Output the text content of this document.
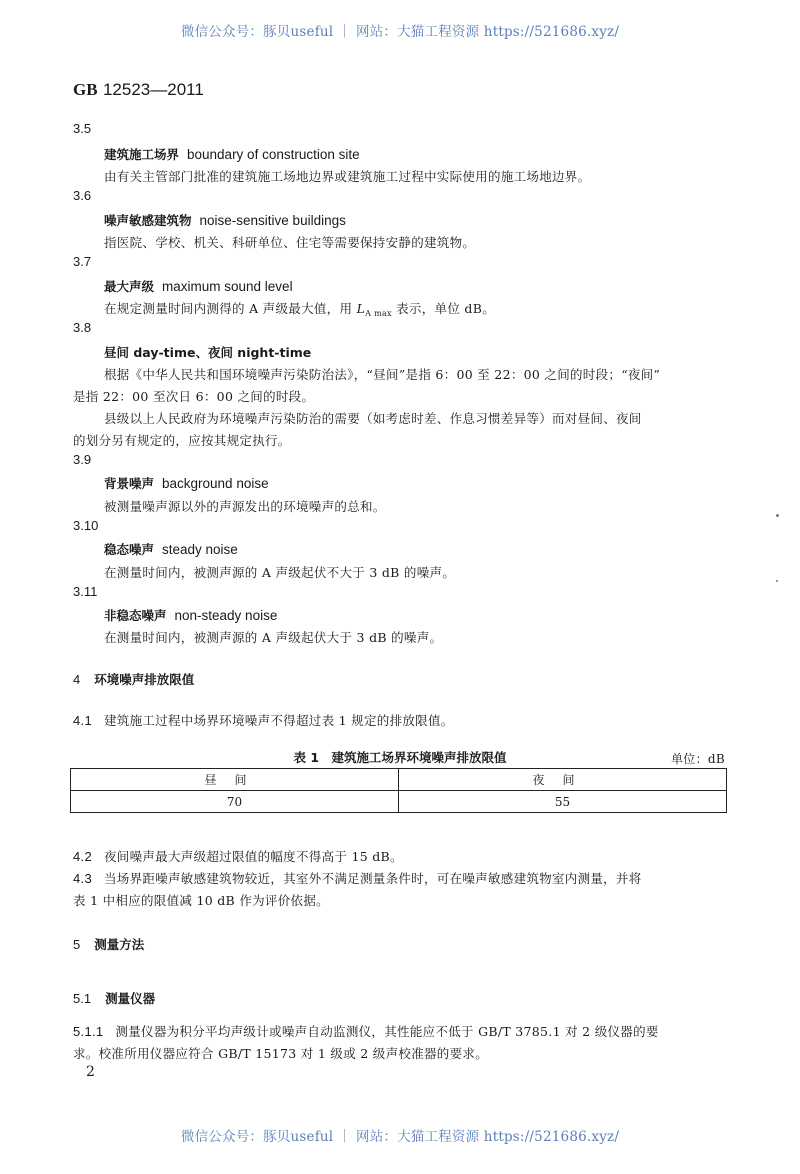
微信公众号：豚贝useful ｜ 网站：大猫工程资源 https://521686.xyz/
GB 12523—2011
3.5
建筑施工场界 boundary of construction site
由有关主管部门批准的建筑施工场地边界或建筑施工过程中实际使用的施工场地边界。
3.6
噪声敏感建筑物 noise-sensitive buildings
指医院、学校、机关、科研单位、住宅等需要保持安静的建筑物。
3.7
最大声级 maximum sound level
在规定测量时间内测得的 A 声级最大值，用 $L_{A max}$ 表示，单位 dB。
3.8
昼间 day-time、夜间 night-time
根据《中华人民共和国环境噪声污染防治法》，“昼间”是指 6：00 至 22：00 之间的时段；“夜间”
是指 22：00 至次日 6：00 之间的时段。
县级以上人民政府为环境噪声污染防治的需要（如考虑时差、作息习惯差异等）而对昼间、夜间
的划分另有规定的，应按其规定执行。
3.9
背景噪声 background noise
被测量噪声源以外的声源发出的环境噪声的总和。
3.10
稳态噪声 steady noise
在测量时间内，被测声源的 A 声级起伏不大于 3 dB 的噪声。
3.11
非稳态噪声 non-steady noise
在测量时间内，被测声源的 A 声级起伏大于 3 dB 的噪声。
4 环境噪声排放限值
4.1 建筑施工过程中场界环境噪声不得超过表 1 规定的排放限值。
表 1　建筑施工场界环境噪声排放限值	单位：dB
昼间	夜间
70	55
4.2 夜间噪声最大声级超过限值的幅度不得高于 15 dB。
4.3 当场界距噪声敏感建筑物较近，其室外不满足测量条件时，可在噪声敏感建筑物室内测量，并将
表 1 中相应的限值减 10 dB 作为评价依据。
5 测量方法
5.1 测量仪器
5.1.1 测量仪器为积分平均声级计或噪声自动监测仪，其性能应不低于 GB/T 3785.1 对 2 级仪器的要
求。校准所用仪器应符合 GB/T 15173 对 1 级或 2 级声校准器的要求。
2
微信公众号：豚贝useful ｜ 网站：大猫工程资源 https://521686.xyz/
